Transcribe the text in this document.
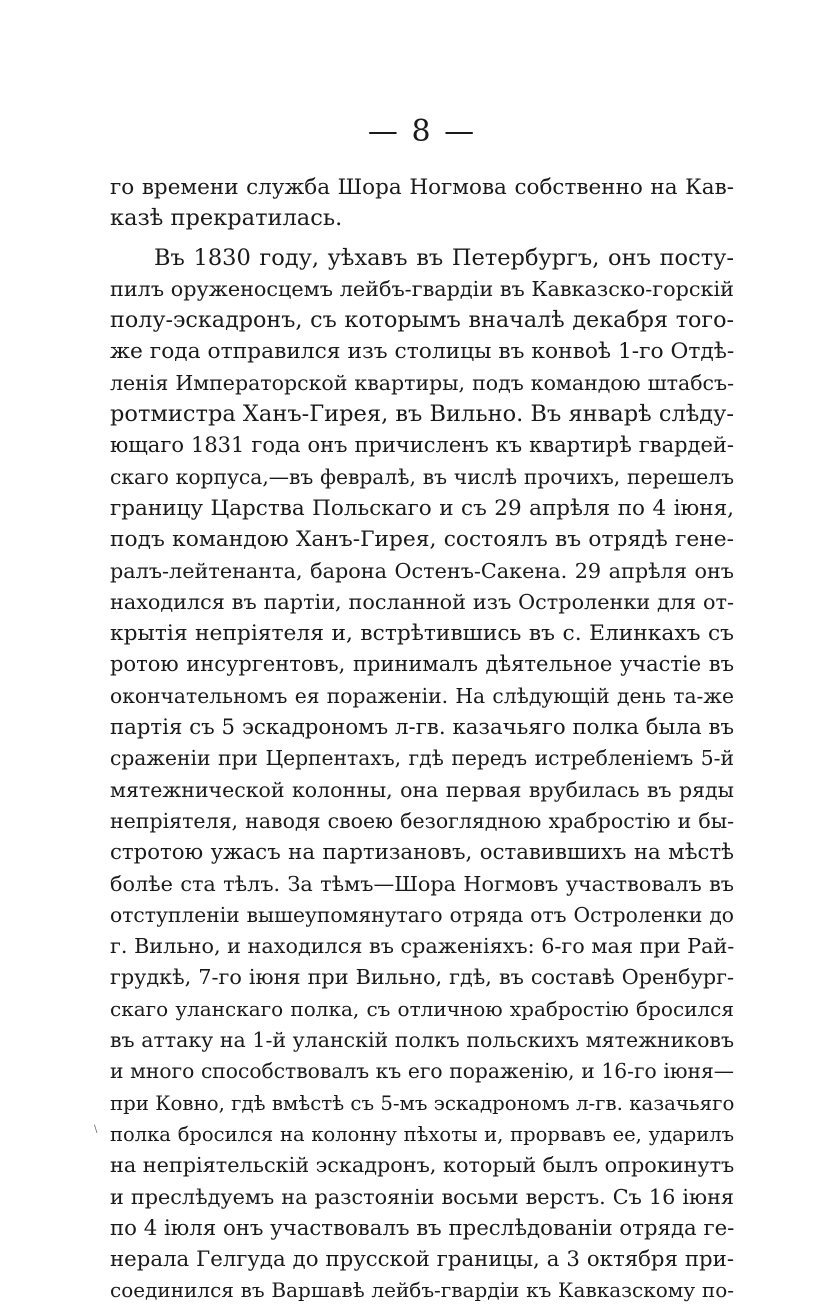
— 8 —
го времени служба Шора Ногмова собственно на Кав-
казѣ прекратилась.
Въ 1830 году, уѣхавъ въ Петербургъ, онъ посту-
пилъ оруженосцемъ лейбъ-гвардіи въ Кавказско-горскій
полу-эскадронъ, съ которымъ вначалѣ декабря того-
же года отправился изъ столицы въ конвоѣ 1-го Отдѣ-
ленія Императорской квартиры, подъ командою штабсъ-
ротмистра Ханъ-Гирея, въ Вильно. Въ январѣ слѣду-
ющаго 1831 года онъ причисленъ къ квартирѣ гвардей-
скаго корпуса,—въ февралѣ, въ числѣ прочихъ, перешелъ
границу Царства Польскаго и съ 29 апрѣля по 4 іюня,
подъ командою Ханъ-Гирея, состоялъ въ отрядѣ гене-
ралъ-лейтенанта, барона Остенъ-Сакена. 29 апрѣля онъ
находился въ партіи, посланной изъ Остроленки для от-
крытія непріятеля и, встрѣтившись въ с. Елинкахъ съ
ротою инсургентовъ, принималъ дѣятельное участіе въ
окончательномъ ея пораженіи. На слѣдующій день та-же
партія съ 5 эскадрономъ л-гв. казачьяго полка была въ
сраженіи при Церпентахъ, гдѣ передъ истребленіемъ 5-й
мятежнической колонны, она первая врубилась въ ряды
непріятеля, наводя своею безоглядною храбростію и бы-
стротою ужасъ на партизановъ, оставившихъ на мѣстѣ
болѣе ста тѣлъ. За тѣмъ—Шора Ногмовъ участвовалъ въ
отступленіи вышеупомянутаго отряда отъ Остроленки до
г. Вильно, и находился въ сраженіяхъ: 6-го мая при Рай-
грудкѣ, 7-го іюня при Вильно, гдѣ, въ составѣ Оренбург-
скаго уланскаго полка, съ отличною храбростію бросился
въ аттаку на 1-й уланскій полкъ польскихъ мятежниковъ
и много способствовалъ къ его пораженію, и 16-го іюня—
при Ковно, гдѣ вмѣстѣ съ 5-мъ эскадрономъ л-гв. казачьяго
полка бросился на колонну пѣхоты и, прорвавъ ее, ударилъ
на непріятельскій эскадронъ, который былъ опрокинутъ
и преслѣдуемъ на разстояніи восьми верстъ. Съ 16 іюня
по 4 іюля онъ участвовалъ въ преслѣдованіи отряда ге-
нерала Гелгуда до прусской границы, а 3 октября при-
соединился въ Варшавѣ лейбъ-гвардіи къ Кавказскому по-
\
